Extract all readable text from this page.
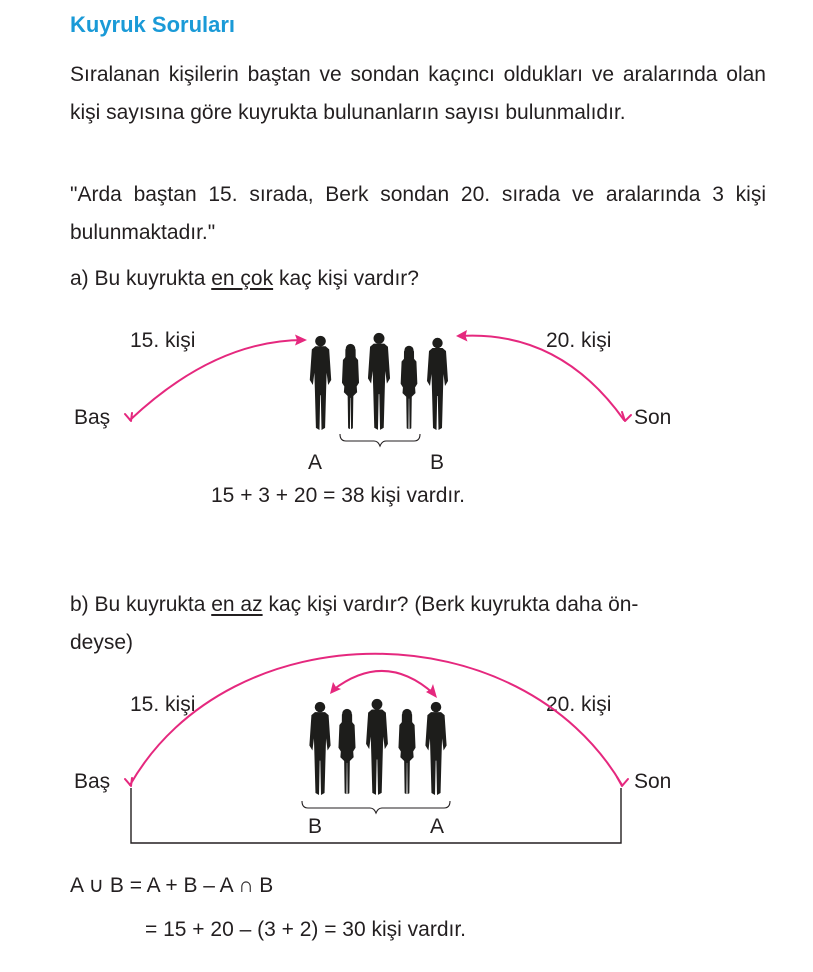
Kuyruk Soruları
Sıralanan kişilerin baştan ve sondan kaçıncı oldukları ve aralarında olan kişi sayısına göre kuyrukta bulunanların sayısı bulunmalıdır.
"Arda baştan 15. sırada, Berk sondan 20. sırada ve aralarında 3 kişi bulunmaktadır."
a) Bu kuyrukta en çok kaç kişi vardır?
15. kişi	20. kişi
Baş	Son
A	B
15 + 3 + 20 = 38 kişi vardır.
b) Bu kuyrukta en az kaç kişi vardır? (Berk kuyrukta daha ön-
deyse)
15. kişi	20. kişi
Baş	Son
B	A
A ∪ B = A + B – A ∩ B
= 15 + 20 – (3 + 2) = 30 kişi vardır.
